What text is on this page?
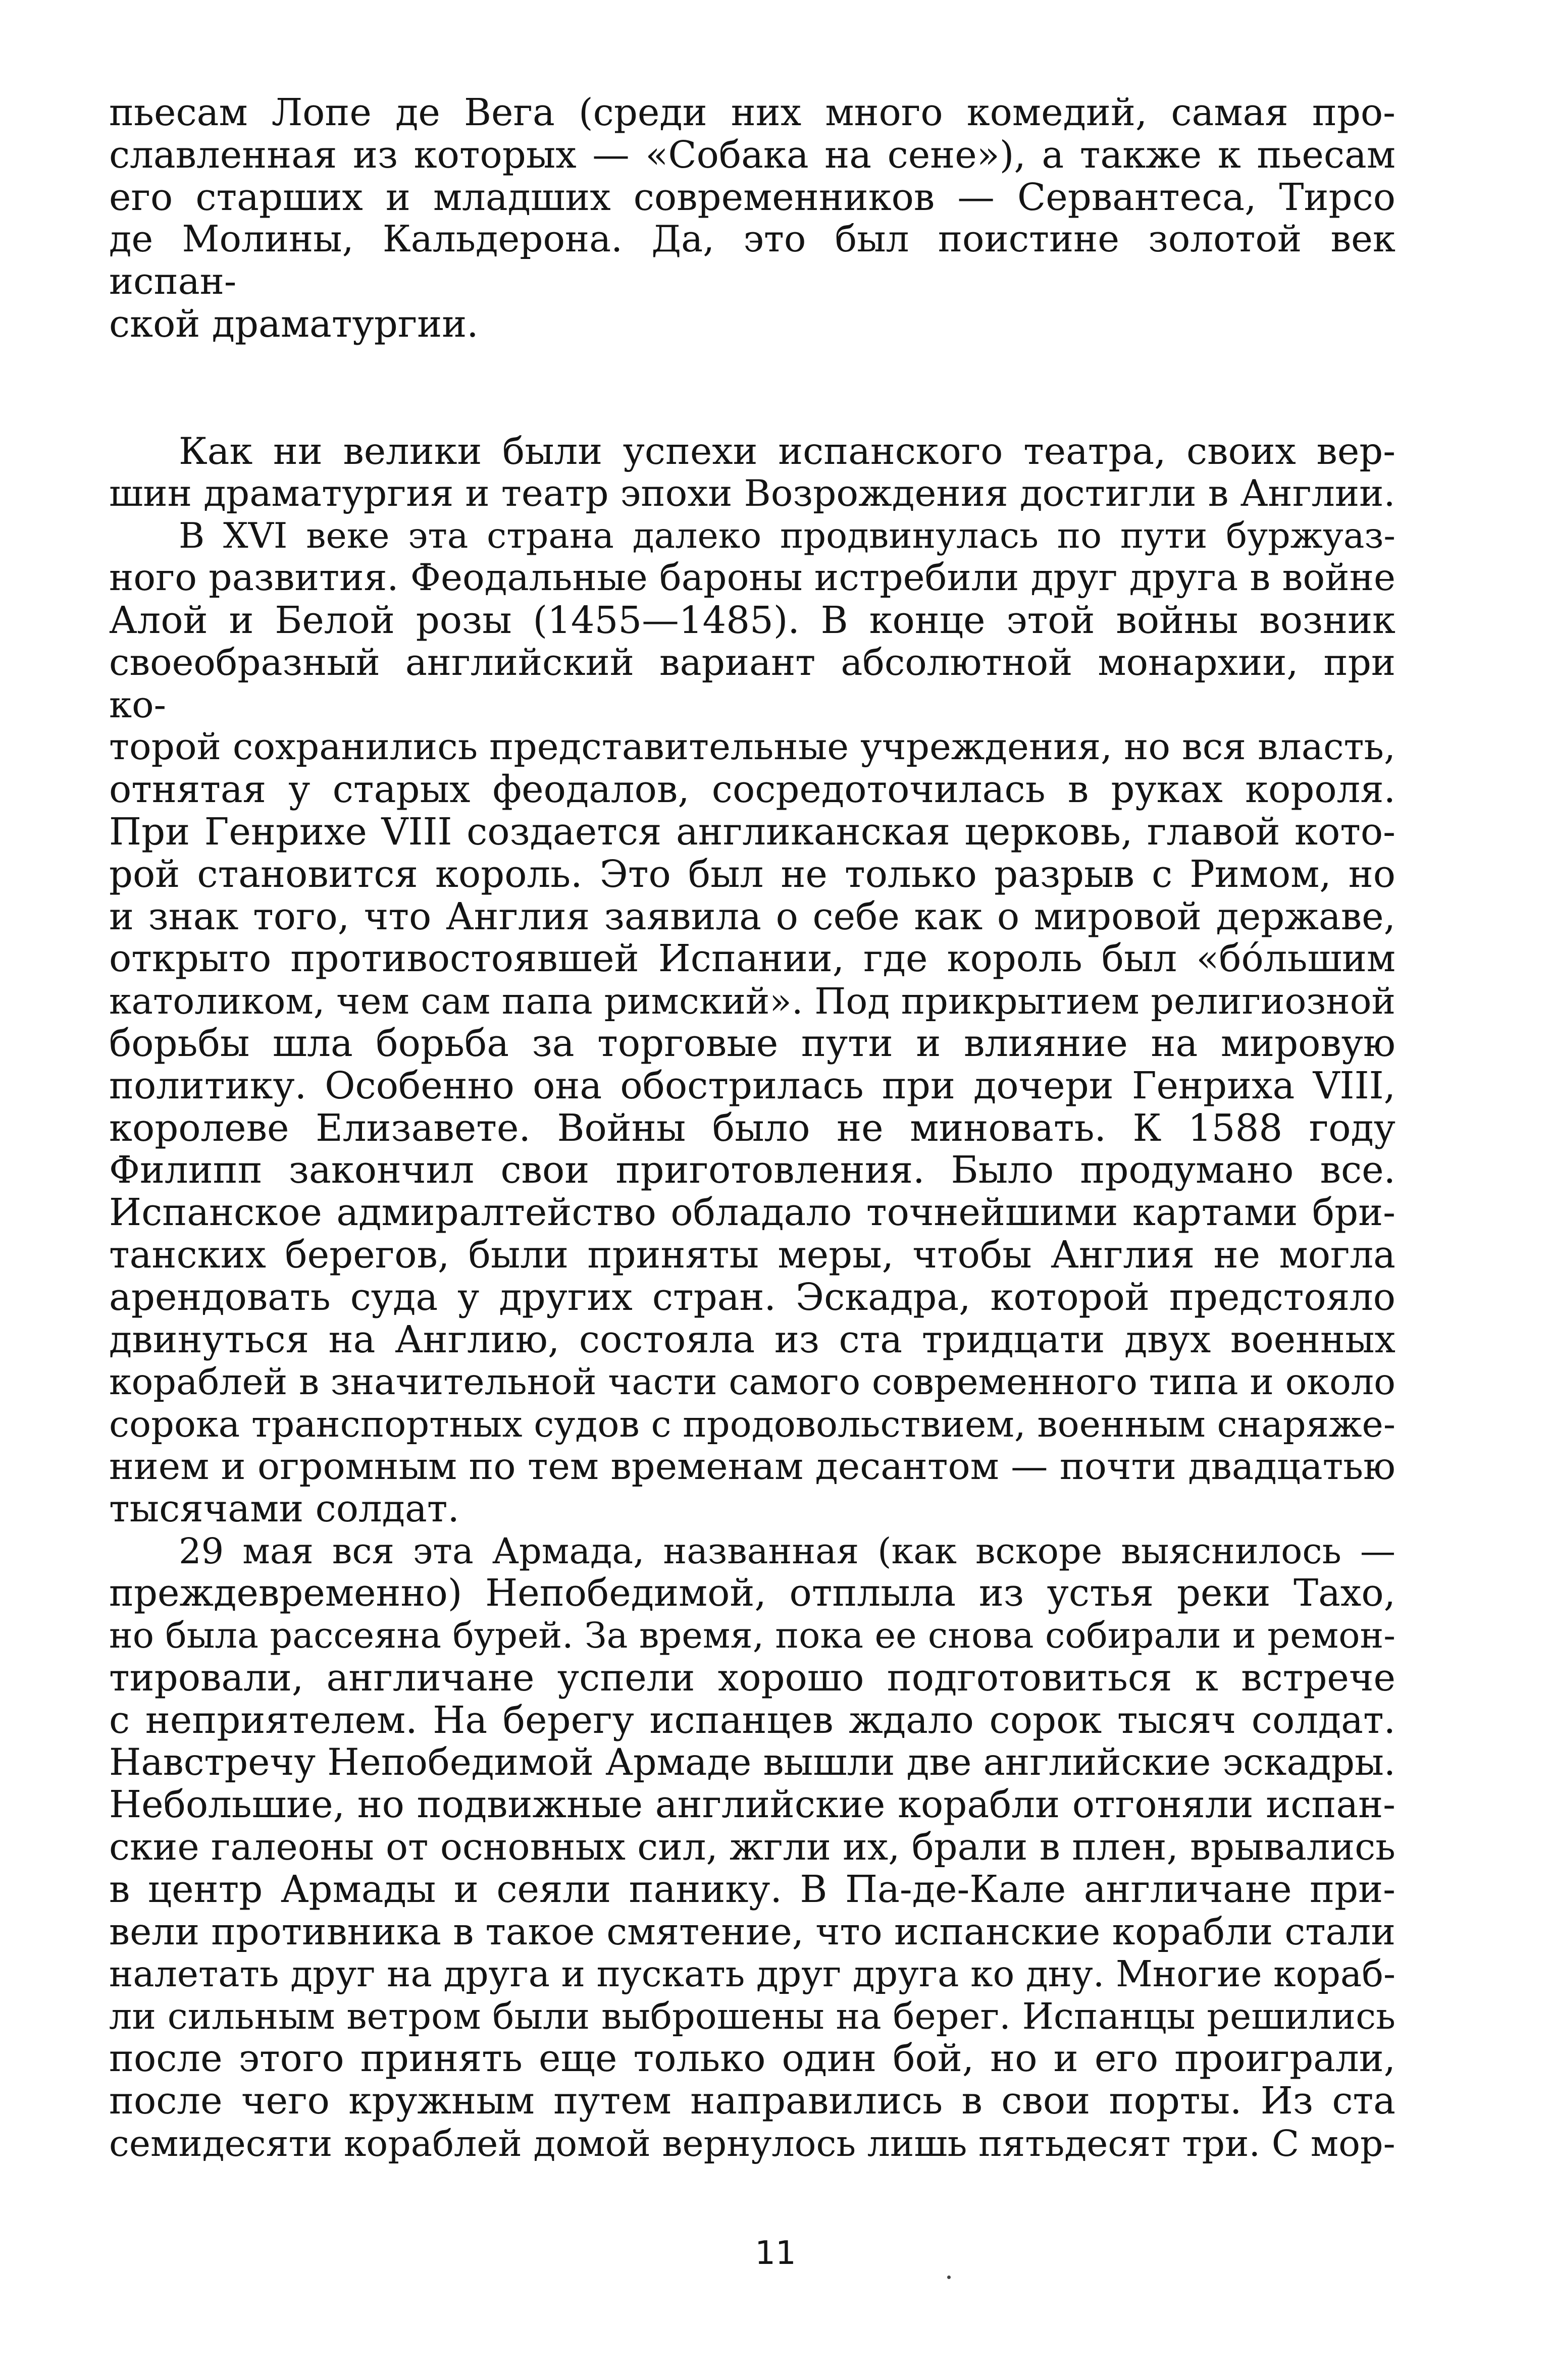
пьесам Лопе де Вега (среди них много комедий, самая про-
славленная из которых — «Собака на сене»), а также к пьесам
его старших и младших современников — Сервантеса, Тирсо
де Молины, Кальдерона. Да, это был поистине золотой век испан-
ской драматургии.
Как ни велики были успехи испанского театра, своих вер-
шин драматургия и театр эпохи Возрождения достигли в Англии.
В XVI веке эта страна далеко продвинулась по пути буржуаз-
ного развития. Феодальные бароны истребили друг друга в войне
Алой и Белой розы (1455—1485). В конце этой войны возник
своеобразный английский вариант абсолютной монархии, при ко-
торой сохранились представительные учреждения, но вся власть,
отнятая у старых феодалов, сосредоточилась в руках короля.
При Генрихе VIII создается англиканская церковь, главой кото-
рой становится король. Это был не только разрыв с Римом, но
и знак того, что Англия заявила о себе как о мировой державе,
открыто противостоявшей Испании, где король был «бо́льшим
католиком, чем сам папа римский». Под прикрытием религиозной
борьбы шла борьба за торговые пути и влияние на мировую
политику. Особенно она обострилась при дочери Генриха VIII,
королеве Елизавете. Войны было не миновать. К 1588 году
Филипп закончил свои приготовления. Было продумано все.
Испанское адмиралтейство обладало точнейшими картами бри-
танских берегов, были приняты меры, чтобы Англия не могла
арендовать суда у других стран. Эскадра, которой предстояло
двинуться на Англию, состояла из ста тридцати двух военных
кораблей в значительной части самого современного типа и около
сорока транспортных судов с продовольствием, военным снаряже-
нием и огромным по тем временам десантом — почти двадцатью
тысячами солдат.
29 мая вся эта Армада, названная (как вскоре выяснилось —
преждевременно) Непобедимой, отплыла из устья реки Тахо,
но была рассеяна бурей. За время, пока ее снова собирали и ремон-
тировали, англичане успели хорошо подготовиться к встрече
с неприятелем. На берегу испанцев ждало сорок тысяч солдат.
Навстречу Непобедимой Армаде вышли две английские эскадры.
Небольшие, но подвижные английские корабли отгоняли испан-
ские галеоны от основных сил, жгли их, брали в плен, врывались
в центр Армады и сеяли панику. В Па-де-Кале англичане при-
вели противника в такое смятение, что испанские корабли стали
налетать друг на друга и пускать друг друга ко дну. Многие кораб-
ли сильным ветром были выброшены на берег. Испанцы решились
после этого принять еще только один бой, но и его проиграли,
после чего кружным путем направились в свои порты. Из ста
семидесяти кораблей домой вернулось лишь пятьдесят три. С мор-
11
